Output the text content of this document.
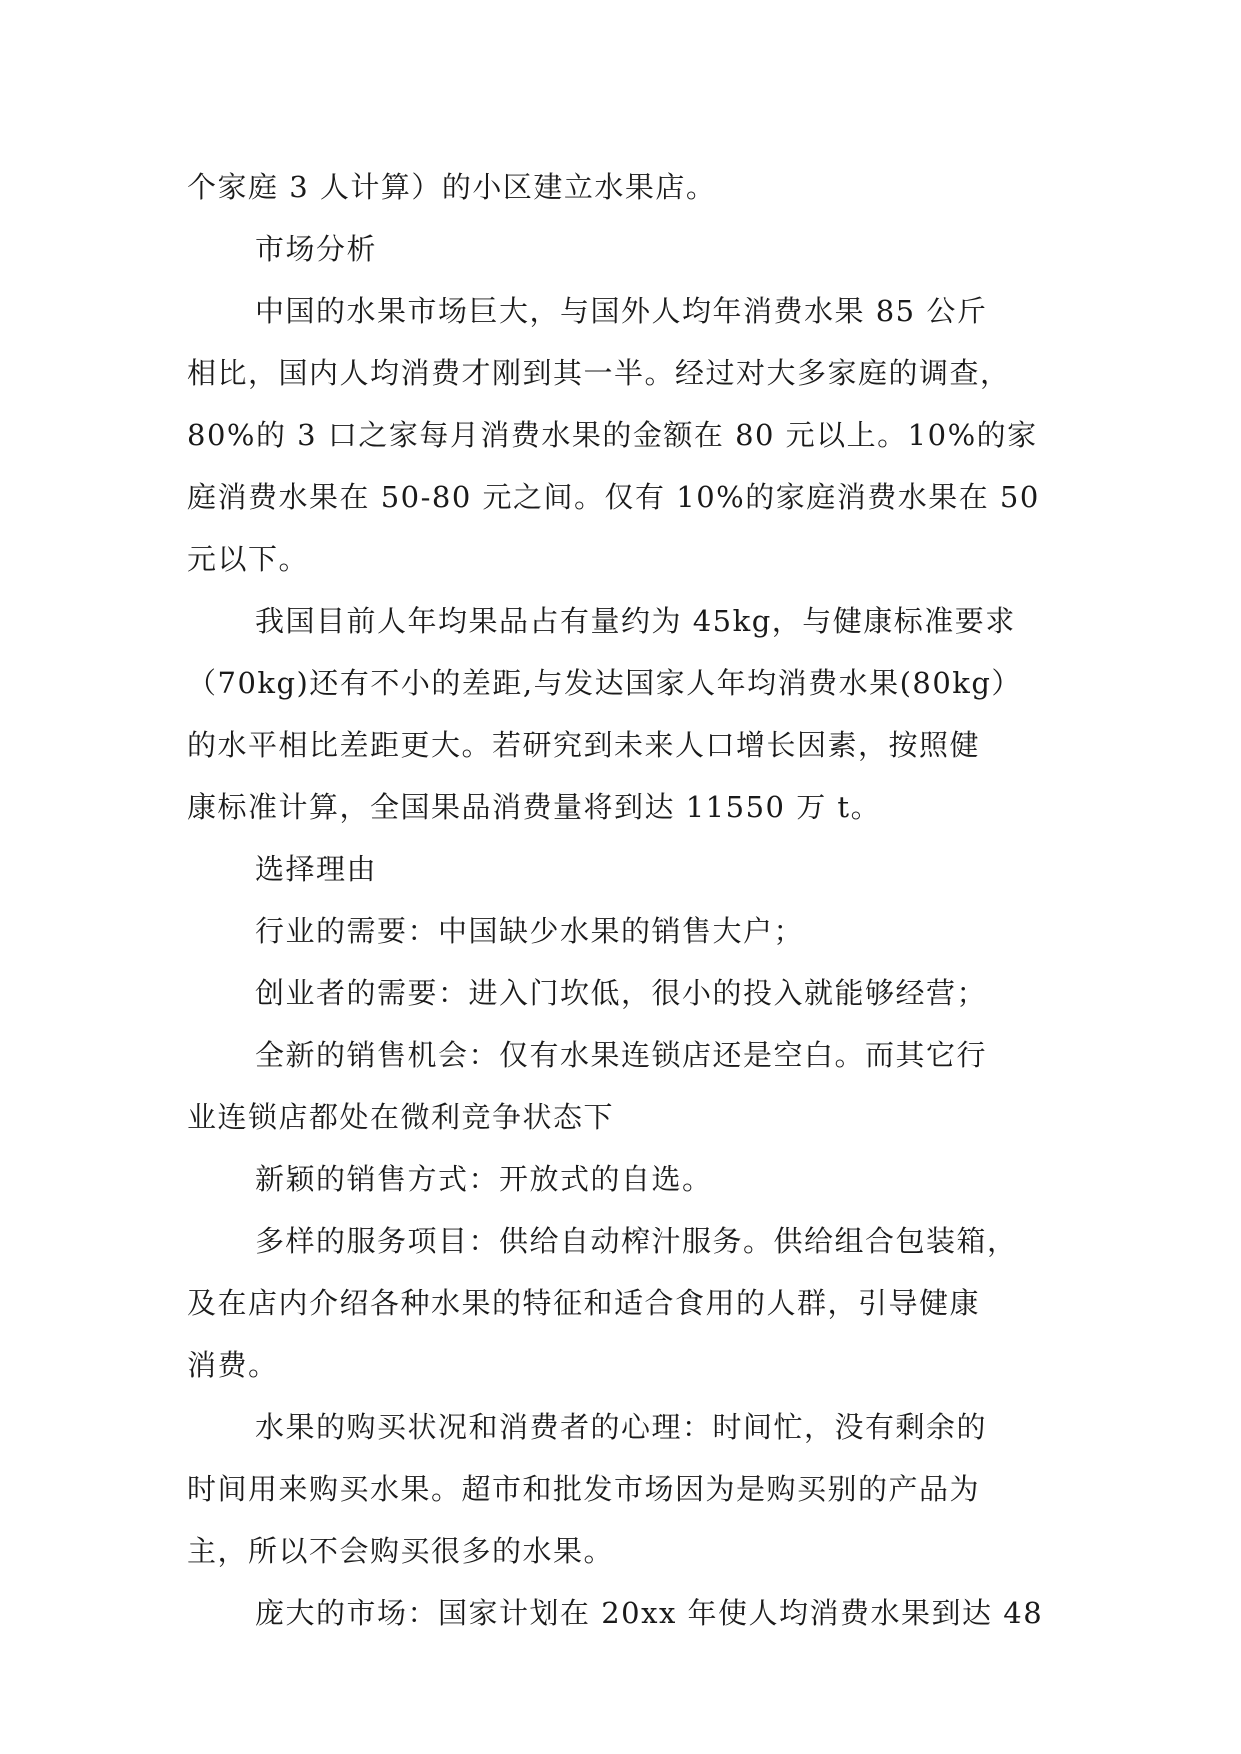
个家庭 3 人计算）的小区建立水果店。
市场分析
中国的水果市场巨大，与国外人均年消费水果 85 公斤
相比，国内人均消费才刚到其一半。经过对大多家庭的调查，
80%的 3 口之家每月消费水果的金额在 80 元以上。10%的家
庭消费水果在 50-80 元之间。仅有 10%的家庭消费水果在 50
元以下。
我国目前人年均果品占有量约为 45kg，与健康标准要求
（70kg)还有不小的差距,与发达国家人年均消费水果(80kg）
的水平相比差距更大。若研究到未来人口增长因素，按照健
康标准计算，全国果品消费量将到达 11550 万 t。
选择理由
行业的需要：中国缺少水果的销售大户；
创业者的需要：进入门坎低，很小的投入就能够经营；
全新的销售机会：仅有水果连锁店还是空白。而其它行
业连锁店都处在微利竞争状态下
新颖的销售方式：开放式的自选。
多样的服务项目：供给自动榨汁服务。供给组合包装箱，
及在店内介绍各种水果的特征和适合食用的人群，引导健康
消费。
水果的购买状况和消费者的心理：时间忙，没有剩余的
时间用来购买水果。超市和批发市场因为是购买别的产品为
主，所以不会购买很多的水果。
庞大的市场：国家计划在 20xx 年使人均消费水果到达 48
